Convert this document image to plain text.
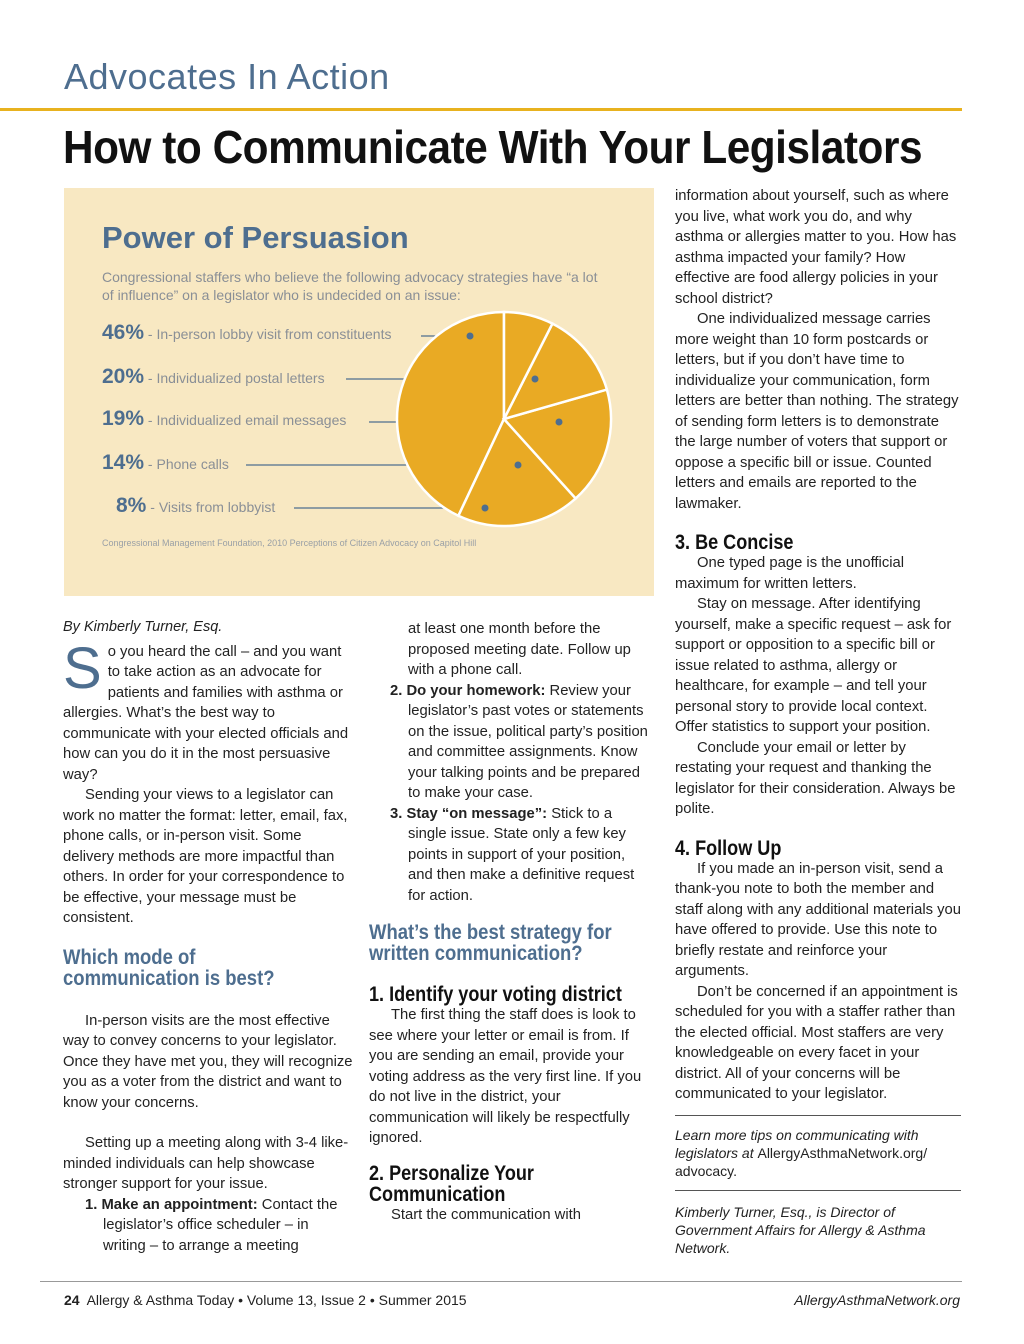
Advocates In Action
How to Communicate With Your Legislators
Power of Persuasion
Congressional staffers who believe the following advocacy strategies have “a lot of influence” on a legislator who is undecided on an issue:
46% - In-person lobby visit from constituents
20% - Individualized postal letters
19% - Individualized email messages
14% - Phone calls
8% - Visits from lobbyist
Congressional Management Foundation, 2010 Perceptions of Citizen Advocacy on Capitol Hill
By Kimberly Turner, Esq.

So you heard the call – and you want to take action as an advocate for patients and families with asthma or allergies. What’s the best way to communicate with your elected officials and how can you do it in the most persuasive way?

Sending your views to a legislator can work no matter the format: letter, email, fax, phone calls, or in-person visit. Some delivery methods are more impactful than others. In order for your correspondence to be effective, your message must be consistent.

Which mode of communication is best?

In-person visits are the most effective way to convey concerns to your legislator. Once they have met you, they will recognize you as a voter from the district and want to know your concerns.

Setting up a meeting along with 3-4 like-minded individuals can help showcase stronger support for your issue.

1. Make an appointment: Contact the legislator’s office scheduler – in writing – to arrange a meeting

at least one month before the proposed meeting date. Follow up with a phone call.

2. Do your homework: Review your legislator’s past votes or statements on the issue, political party’s position and committee assignments. Know your talking points and be prepared to make your case.

3. Stay “on message”: Stick to a single issue. State only a few key points in support of your position, and then make a definitive request for action.

What’s the best strategy for written communication?
1. Identify your voting district

The first thing the staff does is look to see where your letter or email is from. If you are sending an email, provide your voting address as the very first line. If you do not live in the district, your communication will likely be respectfully ignored.

2. Personalize Your Communication

Start the communication with

information about yourself, such as where you live, what work you do, and why asthma or allergies matter to you. How has asthma impacted your family? How effective are food allergy policies in your school district?

One individualized message carries more weight than 10 form postcards or letters, but if you don’t have time to individualize your communication, form letters are better than nothing. The strategy of sending form letters is to demonstrate the large number of voters that support or oppose a specific bill or issue. Counted letters and emails are reported to the lawmaker.

3. Be Concise

One typed page is the unofficial maximum for written letters.

Stay on message. After identifying yourself, make a specific request – ask for support or opposition to a specific bill or issue related to asthma, allergy or healthcare, for example – and tell your personal story to provide local context. Offer statistics to support your position.

Conclude your email or letter by restating your request and thanking the legislator for their consideration. Always be polite.

4. Follow Up

If you made an in-person visit, send a thank-you note to both the member and staff along with any additional materials you have offered to provide. Use this note to briefly restate and reinforce your arguments.

Don’t be concerned if an appointment is scheduled for you with a staffer rather than the elected official. Most staffers are very knowledgeable on every facet in your district. All of your concerns will be communicated to your legislator.

Learn more tips on communicating with legislators at AllergyAsthmaNetwork.org/ advocacy.

Kimberly Turner, Esq., is Director of Government Affairs for Allergy & Asthma Network.

24 Allergy & Asthma Today • Volume 13, Issue 2 • Summer 2015	AllergyAsthmaNetwork.org
